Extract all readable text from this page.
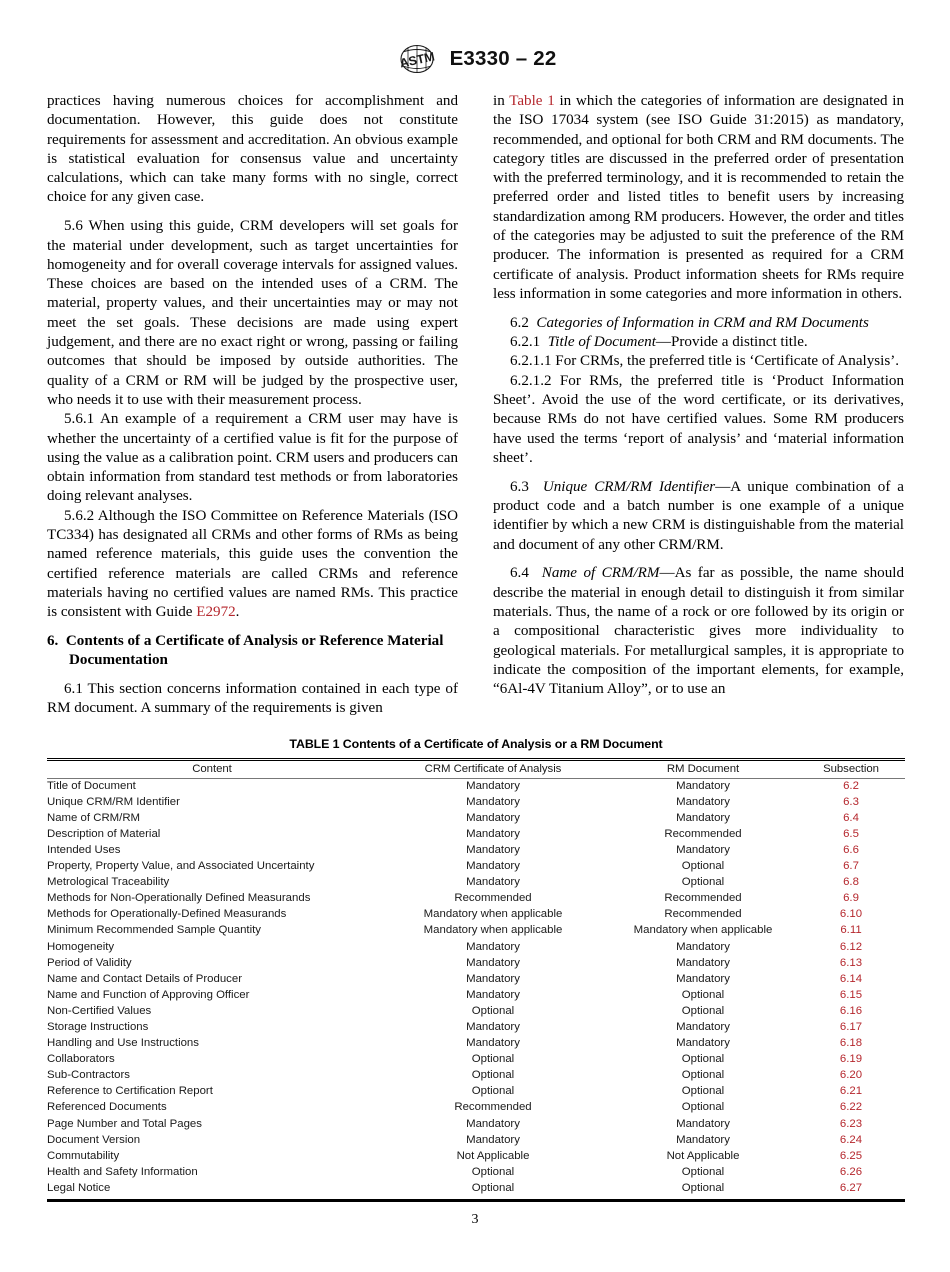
ASTM E3330 – 22

practices having numerous choices for accomplishment and documentation. However, this guide does not constitute requirements for assessment and accreditation. An obvious example is statistical evaluation for consensus value and uncertainty calculations, which can take many forms with no single, correct choice for any given case.

5.6 When using this guide, CRM developers will set goals for the material under development, such as target uncertainties for homogeneity and for overall coverage intervals for assigned values. These choices are based on the intended uses of a CRM. The material, property values, and their uncertainties may or may not meet the set goals. These decisions are made using expert judgement, and there are no exact right or wrong, passing or failing outcomes that should be imposed by outside authorities. The quality of a CRM or RM will be judged by the prospective user, who needs it to use with their measurement process.

5.6.1 An example of a requirement a CRM user may have is whether the uncertainty of a certified value is fit for the purpose of using the value as a calibration point. CRM users and producers can obtain information from standard test methods or from laboratories doing relevant analyses.

5.6.2 Although the ISO Committee on Reference Materials (ISO TC334) has designated all CRMs and other forms of RMs as being named reference materials, this guide uses the convention the certified reference materials are called CRMs and reference materials having no certified values are named RMs. This practice is consistent with Guide E2972.

6. Contents of a Certificate of Analysis or Reference Material Documentation

6.1 This section concerns information contained in each type of RM document. A summary of the requirements is given

in Table 1 in which the categories of information are designated in the ISO 17034 system (see ISO Guide 31:2015) as mandatory, recommended, and optional for both CRM and RM documents. The category titles are discussed in the preferred order of presentation with the preferred terminology, and it is recommended to retain the preferred order and listed titles to benefit users by increasing standardization among RM producers. However, the order and titles of the categories may be adjusted to suit the preference of the RM producer. The information is presented as required for a CRM certificate of analysis. Product information sheets for RMs require less information in some categories and more information in others.

6.2 Categories of Information in CRM and RM Documents

6.2.1 Title of Document—Provide a distinct title.

6.2.1.1 For CRMs, the preferred title is ‘Certificate of Analysis’.

6.2.1.2 For RMs, the preferred title is ‘Product Information Sheet’. Avoid the use of the word certificate, or its derivatives, because RMs do not have certified values. Some RM producers have used the terms ‘report of analysis’ and ‘material information sheet’.

6.3 Unique CRM/RM Identifier—A unique combination of a product code and a batch number is one example of a unique identifier by which a new CRM is distinguishable from the material and document of any other CRM/RM.

6.4 Name of CRM/RM—As far as possible, the name should describe the material in enough detail to distinguish it from similar materials. Thus, the name of a rock or ore followed by its origin or a compositional characteristic gives more individuality to geological materials. For metallurgical samples, it is appropriate to indicate the composition of the important elements, for example, “6Al-4V Titanium Alloy”, or to use an

TABLE 1 Contents of a Certificate of Analysis or a RM Document
Content	CRM Certificate of Analysis	RM Document	Subsection
Title of Document	Mandatory	Mandatory	6.2
Unique CRM/RM Identifier	Mandatory	Mandatory	6.3
Name of CRM/RM	Mandatory	Mandatory	6.4
Description of Material	Mandatory	Recommended	6.5
Intended Uses	Mandatory	Mandatory	6.6
Property, Property Value, and Associated Uncertainty	Mandatory	Optional	6.7
Metrological Traceability	Mandatory	Optional	6.8
Methods for Non-Operationally Defined Measurands	Recommended	Recommended	6.9
Methods for Operationally-Defined Measurands	Mandatory when applicable	Recommended	6.10
Minimum Recommended Sample Quantity	Mandatory when applicable	Mandatory when applicable	6.11
Homogeneity	Mandatory	Mandatory	6.12
Period of Validity	Mandatory	Mandatory	6.13
Name and Contact Details of Producer	Mandatory	Mandatory	6.14
Name and Function of Approving Officer	Mandatory	Optional	6.15
Non-Certified Values	Optional	Optional	6.16
Storage Instructions	Mandatory	Mandatory	6.17
Handling and Use Instructions	Mandatory	Mandatory	6.18
Collaborators	Optional	Optional	6.19
Sub-Contractors	Optional	Optional	6.20
Reference to Certification Report	Optional	Optional	6.21
Referenced Documents	Recommended	Optional	6.22
Page Number and Total Pages	Mandatory	Mandatory	6.23
Document Version	Mandatory	Mandatory	6.24
Commutability	Not Applicable	Not Applicable	6.25
Health and Safety Information	Optional	Optional	6.26
Legal Notice	Optional	Optional	6.27
3
